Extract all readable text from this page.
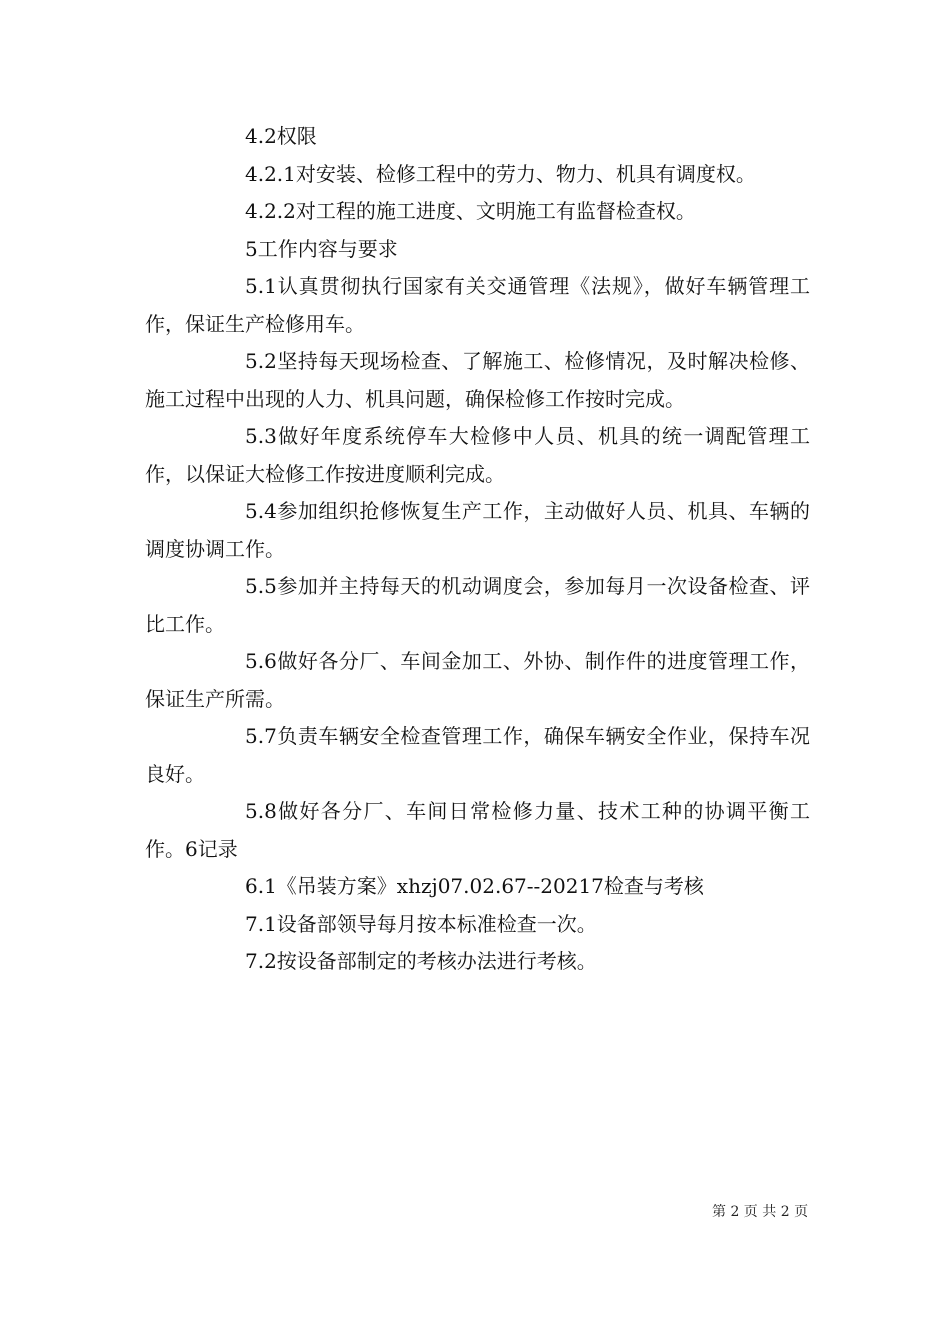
4.2权限

4.2.1对安装、检修工程中的劳力、物力、机具有调度权。

4.2.2对工程的施工进度、文明施工有监督检查权。

5工作内容与要求

5.1认真贯彻执行国家有关交通管理《法规》，做好车辆管理工作，保证生产检修用车。

5.2坚持每天现场检查、了解施工、检修情况，及时解决检修、施工过程中出现的人力、机具问题，确保检修工作按时完成。

5.3做好年度系统停车大检修中人员、机具的统一调配管理工作，以保证大检修工作按进度顺利完成。

5.4参加组织抢修恢复生产工作，主动做好人员、机具、车辆的调度协调工作。

5.5参加并主持每天的机动调度会，参加每月一次设备检查、评比工作。

5.6做好各分厂、车间金加工、外协、制作件的进度管理工作，保证生产所需。

5.7负责车辆安全检查管理工作，确保车辆安全作业，保持车况良好。

5.8做好各分厂、车间日常检修力量、技术工种的协调平衡工作。6记录

6.1《吊装方案》xhzj07.02.67--20217检查与考核

7.1设备部领导每月按本标准检查一次。

7.2按设备部制定的考核办法进行考核。

第 2 页 共 2 页
